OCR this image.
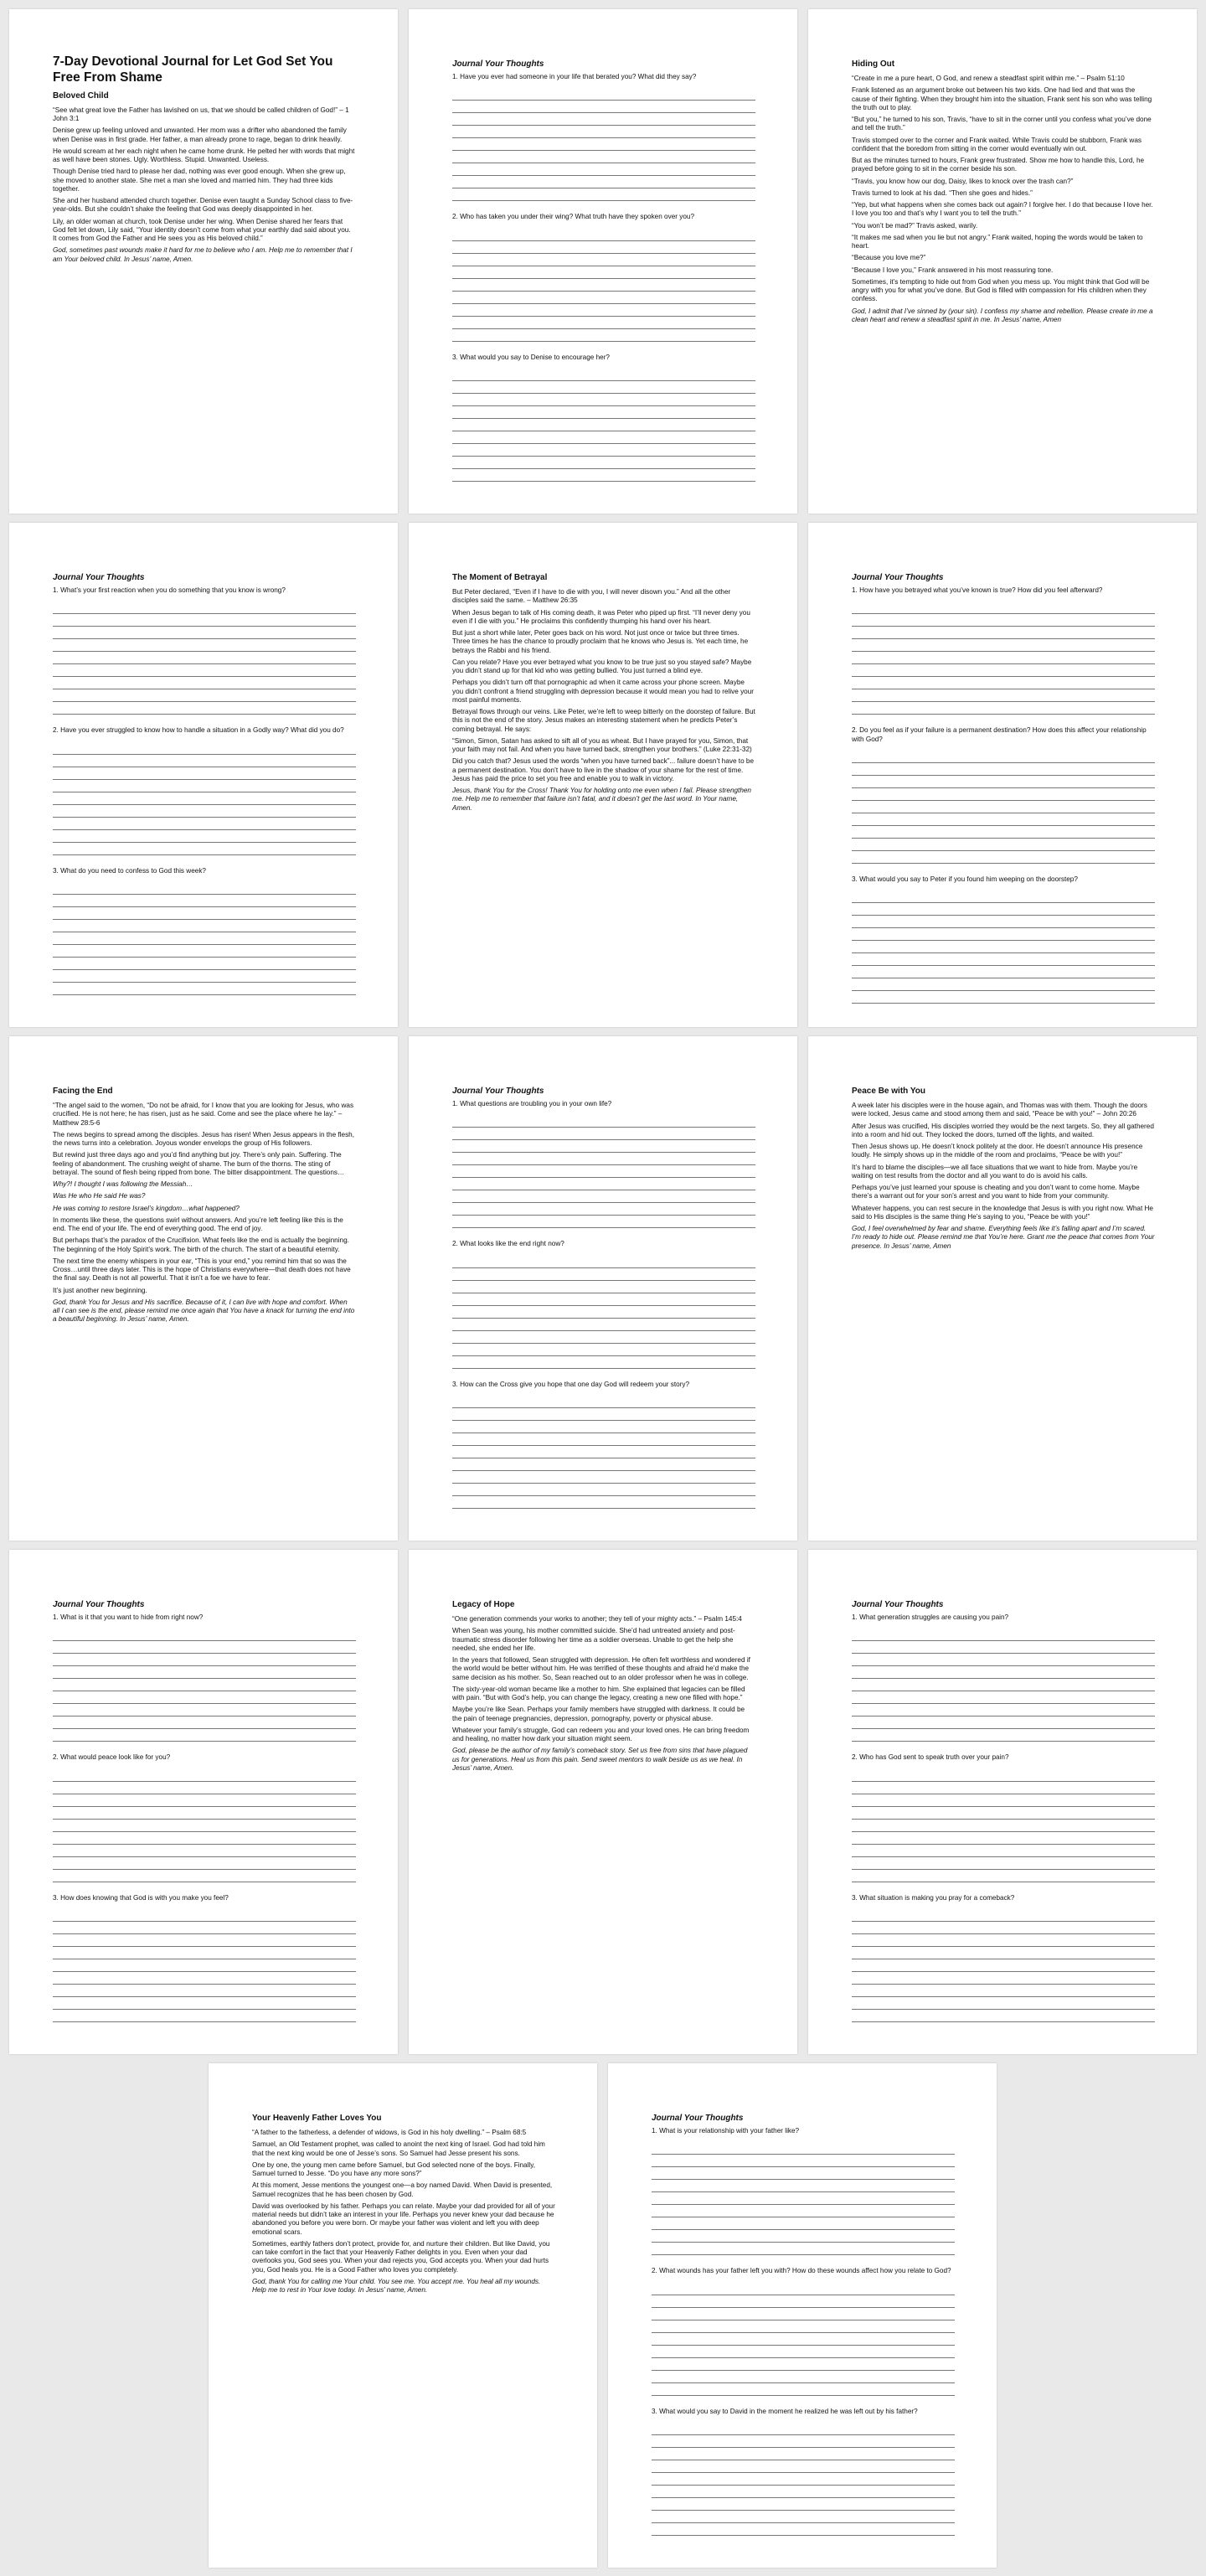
7-Day Devotional Journal for Let God Set You Free From Shame
Beloved Child

“See what great love the Father has lavished on us, that we should be called children of God!” – 1 John 3:1

Denise grew up feeling unloved and unwanted. Her mom was a drifter who abandoned the family when Denise was in first grade. Her father, a man already prone to rage, began to drink heavily.

He would scream at her each night when he came home drunk. He pelted her with words that might as well have been stones. Ugly. Worthless. Stupid. Unwanted. Useless.

Though Denise tried hard to please her dad, nothing was ever good enough. When she grew up, she moved to another state. She met a man she loved and married him. They had three kids together.

She and her husband attended church together. Denise even taught a Sunday School class to five-year-olds. But she couldn’t shake the feeling that God was deeply disappointed in her.

Lily, an older woman at church, took Denise under her wing. When Denise shared her fears that God felt let down, Lily said, “Your identity doesn’t come from what your earthly dad said about you. It comes from God the Father and He sees you as His beloved child.”

God, sometimes past wounds make it hard for me to believe who I am. Help me to remember that I am Your beloved child. In Jesus’ name, Amen.

Journal Your Thoughts

1. Have you ever had someone in your life that berated you? What did they say?

2. Who has taken you under their wing? What truth have they spoken over you?

3. What would you say to Denise to encourage her?

Hiding Out

“Create in me a pure heart, O God, and renew a steadfast spirit within me.” – Psalm 51:10

Frank listened as an argument broke out between his two kids. One had lied and that was the cause of their fighting. When they brought him into the situation, Frank sent his son who was telling the truth out to play.

“But you,” he turned to his son, Travis, “have to sit in the corner until you confess what you’ve done and tell the truth.”

Travis stomped over to the corner and Frank waited. While Travis could be stubborn, Frank was confident that the boredom from sitting in the corner would eventually win out.

But as the minutes turned to hours, Frank grew frustrated. Show me how to handle this, Lord, he prayed before going to sit in the corner beside his son.

“Travis, you know how our dog, Daisy, likes to knock over the trash can?”

Travis turned to look at his dad. “Then she goes and hides.”

“Yep, but what happens when she comes back out again? I forgive her. I do that because I love her. I love you too and that’s why I want you to tell the truth.”

“You won’t be mad?” Travis asked, warily.

“It makes me sad when you lie but not angry.” Frank waited, hoping the words would be taken to heart.

“Because you love me?”

“Because I love you,” Frank answered in his most reassuring tone.

Sometimes, it’s tempting to hide out from God when you mess up. You might think that God will be angry with you for what you’ve done. But God is filled with compassion for His children when they confess.

God, I admit that I’ve sinned by (your sin). I confess my shame and rebellion. Please create in me a clean heart and renew a steadfast spirit in me. In Jesus’ name, Amen

Journal Your Thoughts

1. What’s your first reaction when you do something that you know is wrong?

2. Have you ever struggled to know how to handle a situation in a Godly way? What did you do?

3. What do you need to confess to God this week?

The Moment of Betrayal

But Peter declared, “Even if I have to die with you, I will never disown you.” And all the other disciples said the same. – Matthew 26:35

When Jesus began to talk of His coming death, it was Peter who piped up first. “I’ll never deny you even if I die with you.” He proclaims this confidently thumping his hand over his heart.

But just a short while later, Peter goes back on his word. Not just once or twice but three times. Three times he has the chance to proudly proclaim that he knows who Jesus is. Yet each time, he betrays the Rabbi and his friend.

Can you relate? Have you ever betrayed what you know to be true just so you stayed safe? Maybe you didn’t stand up for that kid who was getting bullied. You just turned a blind eye.

Perhaps you didn’t turn off that pornographic ad when it came across your phone screen. Maybe you didn’t confront a friend struggling with depression because it would mean you had to relive your most painful moments.

Betrayal flows through our veins. Like Peter, we’re left to weep bitterly on the doorstep of failure. But this is not the end of the story. Jesus makes an interesting statement when he predicts Peter’s coming betrayal. He says:

“Simon, Simon, Satan has asked to sift all of you as wheat. But I have prayed for you, Simon, that your faith may not fail. And when you have turned back, strengthen your brothers.” (Luke 22:31-32)

Did you catch that? Jesus used the words “when you have turned back”... failure doesn’t have to be a permanent destination. You don’t have to live in the shadow of your shame for the rest of time. Jesus has paid the price to set you free and enable you to walk in victory.

Jesus, thank You for the Cross! Thank You for holding onto me even when I fail. Please strengthen me. Help me to remember that failure isn’t fatal, and it doesn’t get the last word. In Your name, Amen.

Journal Your Thoughts

1. How have you betrayed what you’ve known is true? How did you feel afterward?

2. Do you feel as if your failure is a permanent destination? How does this affect your relationship with God?

3. What would you say to Peter if you found him weeping on the doorstep?

Facing the End

“The angel said to the women, “Do not be afraid, for I know that you are looking for Jesus, who was crucified. He is not here; he has risen, just as he said. Come and see the place where he lay.” – Matthew 28:5-6

The news begins to spread among the disciples. Jesus has risen! When Jesus appears in the flesh, the news turns into a celebration. Joyous wonder envelops the group of His followers.

But rewind just three days ago and you’d find anything but joy. There’s only pain. Suffering. The feeling of abandonment. The crushing weight of shame. The burn of the thorns. The sting of betrayal. The sound of flesh being ripped from bone. The bitter disappointment. The questions…

Why?! I thought I was following the Messiah…

Was He who He said He was?

He was coming to restore Israel’s kingdom…what happened?

In moments like these, the questions swirl without answers. And you’re left feeling like this is the end. The end of your life. The end of everything good. The end of joy.

But perhaps that’s the paradox of the Crucifixion. What feels like the end is actually the beginning. The beginning of the Holy Spirit’s work. The birth of the church. The start of a beautiful eternity.

The next time the enemy whispers in your ear, “This is your end,” you remind him that so was the Cross…until three days later. This is the hope of Christians everywhere—that death does not have the final say. Death is not all powerful. That it isn’t a foe we have to fear.

It’s just another new beginning.

God, thank You for Jesus and His sacrifice. Because of it, I can live with hope and comfort. When all I can see is the end, please remind me once again that You have a knack for turning the end into a beautiful beginning. In Jesus’ name, Amen.

Journal Your Thoughts

1. What questions are troubling you in your own life?

2. What looks like the end right now?

3. How can the Cross give you hope that one day God will redeem your story?

Peace Be with You

A week later his disciples were in the house again, and Thomas was with them. Though the doors were locked, Jesus came and stood among them and said, “Peace be with you!” – John 20:26

After Jesus was crucified, His disciples worried they would be the next targets. So, they all gathered into a room and hid out. They locked the doors, turned off the lights, and waited.

Then Jesus shows up. He doesn’t knock politely at the door. He doesn’t announce His presence loudly. He simply shows up in the middle of the room and proclaims, “Peace be with you!”

It’s hard to blame the disciples—we all face situations that we want to hide from. Maybe you’re waiting on test results from the doctor and all you want to do is avoid his calls.

Perhaps you’ve just learned your spouse is cheating and you don’t want to come home. Maybe there’s a warrant out for your son’s arrest and you want to hide from your community.

Whatever happens, you can rest secure in the knowledge that Jesus is with you right now. What He said to His disciples is the same thing He’s saying to you, “Peace be with you!”

God, I feel overwhelmed by fear and shame. Everything feels like it’s falling apart and I’m scared. I’m ready to hide out. Please remind me that You’re here. Grant me the peace that comes from Your presence. In Jesus’ name, Amen

Journal Your Thoughts

1. What is it that you want to hide from right now?

2. What would peace look like for you?

3. How does knowing that God is with you make you feel?

Legacy of Hope

“One generation commends your works to another; they tell of your mighty acts.” – Psalm 145:4

When Sean was young, his mother committed suicide. She’d had untreated anxiety and post-traumatic stress disorder following her time as a soldier overseas. Unable to get the help she needed, she ended her life.

In the years that followed, Sean struggled with depression. He often felt worthless and wondered if the world would be better without him. He was terrified of these thoughts and afraid he’d make the same decision as his mother. So, Sean reached out to an older professor when he was in college.

The sixty-year-old woman became like a mother to him. She explained that legacies can be filled with pain. “But with God’s help, you can change the legacy, creating a new one filled with hope.”

Maybe you’re like Sean. Perhaps your family members have struggled with darkness. It could be the pain of teenage pregnancies, depression, pornography, poverty or physical abuse.

Whatever your family’s struggle, God can redeem you and your loved ones. He can bring freedom and healing, no matter how dark your situation might seem.

God, please be the author of my family’s comeback story. Set us free from sins that have plagued us for generations. Heal us from this pain. Send sweet mentors to walk beside us as we heal. In Jesus’ name, Amen.

Journal Your Thoughts

1. What generation struggles are causing you pain?

2. Who has God sent to speak truth over your pain?

3. What situation is making you pray for a comeback?

Your Heavenly Father Loves You

“A father to the fatherless, a defender of widows, is God in his holy dwelling.” – Psalm 68:5

Samuel, an Old Testament prophet, was called to anoint the next king of Israel. God had told him that the next king would be one of Jesse’s sons. So Samuel had Jesse present his sons.

One by one, the young men came before Samuel, but God selected none of the boys. Finally, Samuel turned to Jesse. “Do you have any more sons?”

At this moment, Jesse mentions the youngest one—a boy named David. When David is presented, Samuel recognizes that he has been chosen by God.

David was overlooked by his father. Perhaps you can relate. Maybe your dad provided for all of your material needs but didn’t take an interest in your life. Perhaps you never knew your dad because he abandoned you before you were born. Or maybe your father was violent and left you with deep emotional scars.

Sometimes, earthly fathers don’t protect, provide for, and nurture their children. But like David, you can take comfort in the fact that your Heavenly Father delights in you. Even when your dad overlooks you, God sees you. When your dad rejects you, God accepts you. When your dad hurts you, God heals you. He is a Good Father who loves you completely.

God, thank You for calling me Your child. You see me. You accept me. You heal all my wounds. Help me to rest in Your love today. In Jesus’ name, Amen.

Journal Your Thoughts

1. What is your relationship with your father like?

2. What wounds has your father left you with? How do these wounds affect how you relate to God?

3. What would you say to David in the moment he realized he was left out by his father?
